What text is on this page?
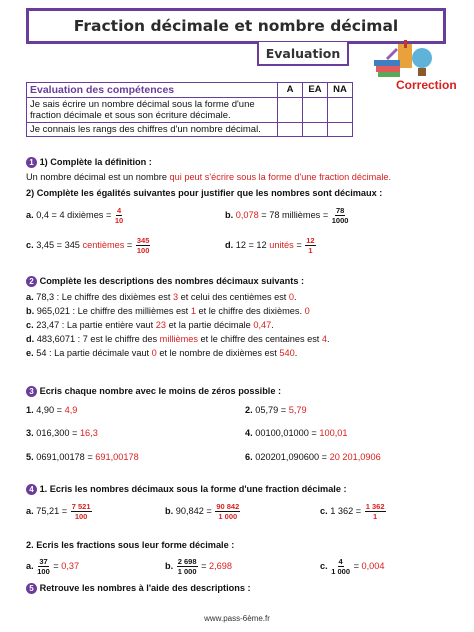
Fraction décimale et nombre décimal
Evaluation
Correction
Evaluation des compétences	A	EA	NA
Je sais écrire un nombre décimal sous la forme d'une fraction décimale et sous son écriture décimale.			
Je connais les rangs des chiffres d'un nombre décimal.			
1 1) Complète la définition :
Un nombre décimal est un nombre qui peut s'écrire sous la forme d'une fraction décimale.
2) Complète les égalités suivantes pour justifier que les nombres sont décimaux :
a. 0,4 = 4 dixièmes = $\frac{4}{10}$	b. 0,078 = 78 millièmes = $\frac{78}{1000}$
c. 3,45 = 345 centièmes = $\frac{345}{100}$	d. 12 = 12 unités = $\frac{12}{1}$
2 Complète les descriptions des nombres décimaux suivants :
a. 78,3 : Le chiffre des dixièmes est 3 et celui des centièmes est 0.
b. 965,021 : Le chiffre des millièmes est 1 et le chiffre des dixièmes. 0
c. 23,47 : La partie entière vaut 23 et la partie décimale 0,47.
d. 483,6071 : 7 est le chiffre des millièmes et le chiffre des centaines est 4.
e. 54 : La partie décimale vaut 0 et le nombre de dixièmes est 540.
3 Ecris chaque nombre avec le moins de zéros possible :
1. 4,90 = 4,9	2. 05,79 = 5,79
3. 016,300 = 16,3	4. 00100,01000 = 100,01
5. 0691,00178 = 691,00178	6. 020201,090600 = 20 201,0906
4 1. Ecris les nombres décimaux sous la forme d'une fraction décimale :
a. $75,21 = \frac{7 521}{100}$	b. $90,842 = \frac{90 842}{1 000}$	c. 1 $362 = \frac{1 362}{1}$
2. Ecris les fractions sous leur forme décimale :
a. $\frac{37}{100} = 0,37$	b. $\frac{2 698}{1 000} = 2,698$	c. $\frac{4}{1 000} = 0,004$
5 Retrouve les nombres à l'aide des descriptions :
www.pass-6ème.fr
